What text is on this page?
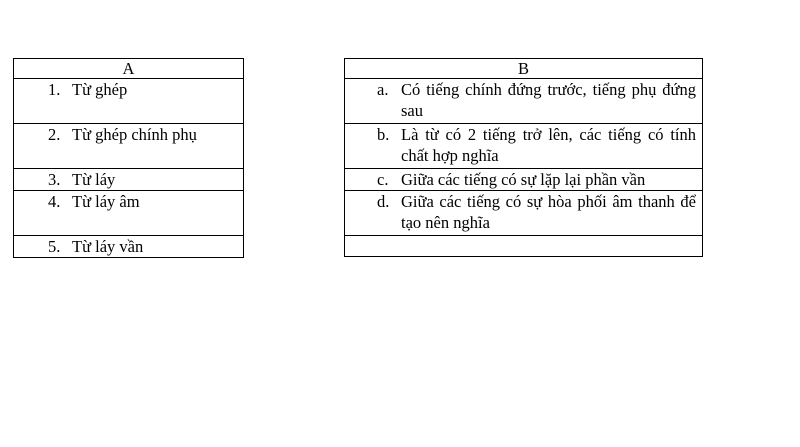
A

1. Từ ghép

2. Từ ghép chính phụ

3. Từ láy

4. Từ láy âm

5. Từ láy vần
B

a. Có tiếng chính đứng trước, tiếng phụ đứng sau

b. Là từ có 2 tiếng trở lên, các tiếng có tính chất hợp nghĩa

c. Giữa các tiếng có sự lặp lại phần vần

d. Giữa các tiếng có sự hòa phối âm thanh để tạo nên nghĩa
